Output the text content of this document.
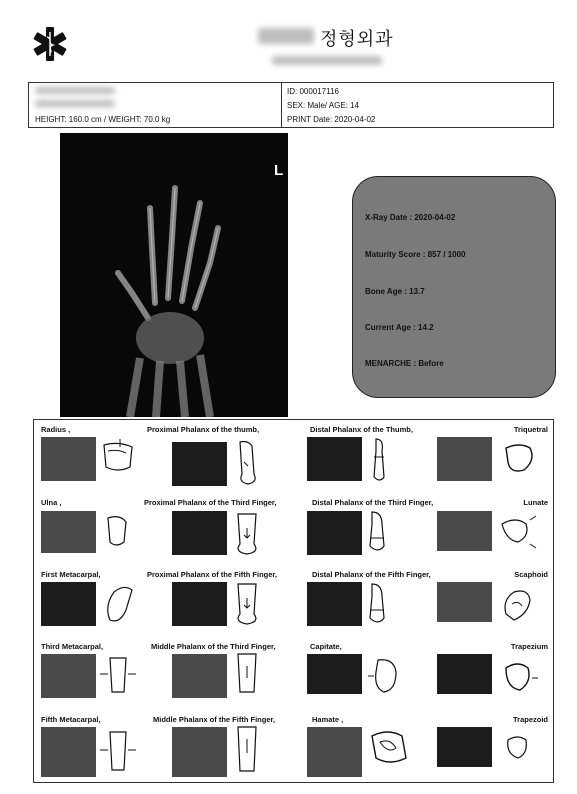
정형외과
HEIGHT: 160.0 cm / WEIGHT: 70.0 kg
ID: 000017116
SEX: Male/ AGE: 14
PRINT Date: 2020-04-02
L
X-Ray Date : 2020-04-02
Maturity Score : 857 / 1000
Bone Age : 13.7
Current Age : 14.2
MENARCHE : Before
Radius ,	Proximal Phalanx of the thumb,	Distal Phalanx of the Thumb,	Triquetral
Ulna ,	Proximal Phalanx of the Third Finger,	Distal Phalanx of the Third Finger,	Lunate
First Metacarpal,	Proximal Phalanx of the Fifth Finger,	Distal Phalanx of the Fifth Finger,	Scaphoid
Third Metacarpal,	Middle Phalanx of the Third Finger,	Capitate,	Trapezium
Fifth Metacarpal,	Middle Phalanx of the Fifth Finger,	Hamate ,	Trapezoid
